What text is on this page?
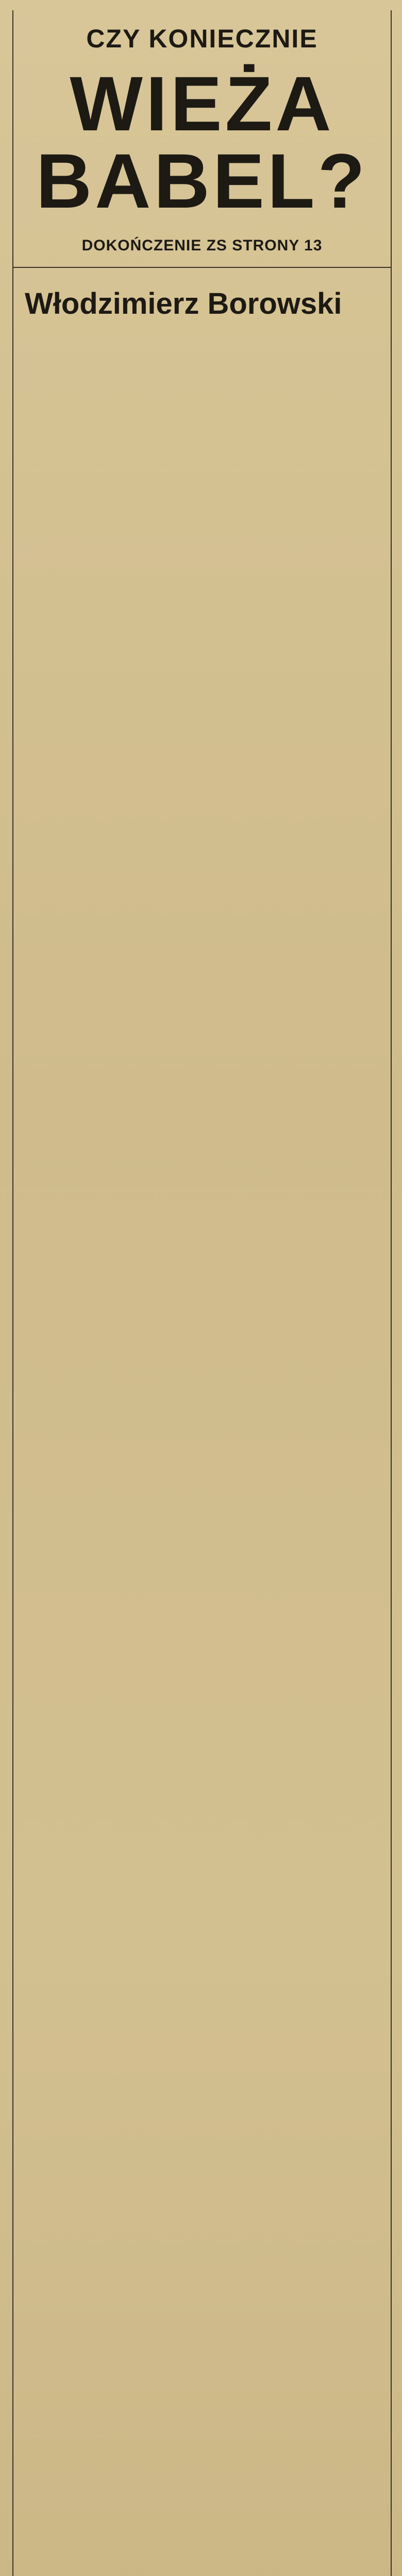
CZY KONIECZNIE
WIEŻA
BABEL?
DOKOŃCZENIE ZS STRONY 13
Włodzimierz Borowski
